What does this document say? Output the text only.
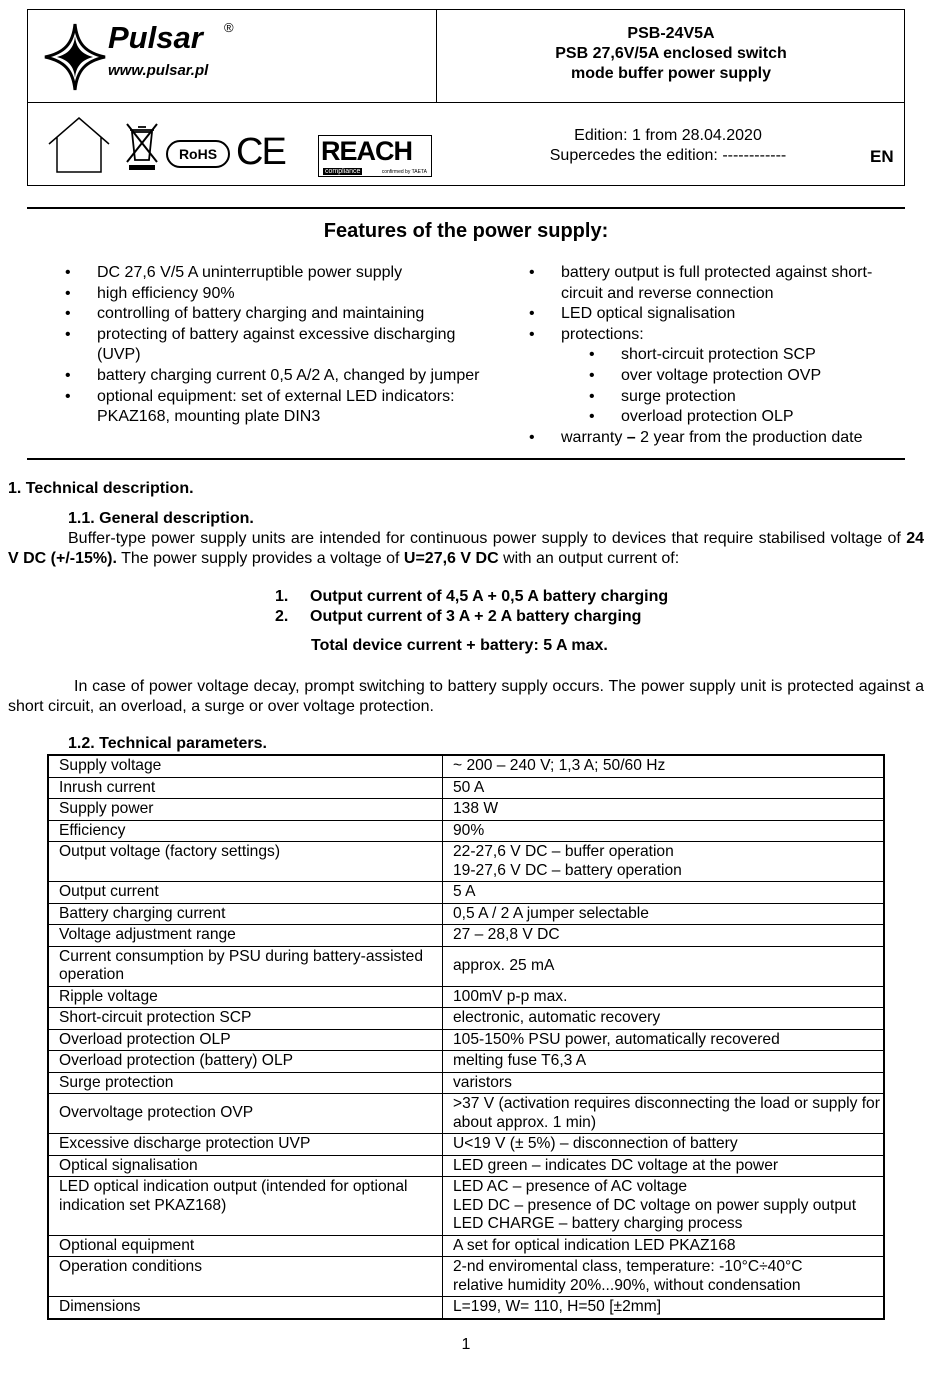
Pulsar ®
www.pulsar.pl
PSB-24V5A
PSB 27,6V/5A enclosed switch
mode buffer power supply
RoHS CE REACH
compliance	confirmed by TAETA
Edition: 1 from 28.04.2020
Supercedes the edition: ------------	EN
Features of the power supply:
• DC 27,6 V/5 A uninterruptible power supply
• high efficiency 90%
• controlling of battery charging and maintaining
• protecting of battery against excessive discharging (UVP)
• battery charging current 0,5 A/2 A, changed by jumper
• optional equipment: set of external LED indicators: PKAZ168, mounting plate DIN3
• battery output is full protected against short-circuit and reverse connection
• LED optical signalisation
• protections:
• short-circuit protection SCP
• over voltage protection OVP
• surge protection
• overload protection OLP
• warranty – 2 year from the production date
1. Technical description.
1.1. General description.
Buffer-type power supply units are intended for continuous power supply to devices that require stabilised voltage of 24 V DC (+/-15%). The power supply provides a voltage of U=27,6 V DC with an output current of:
1. Output current of 4,5 A + 0,5 A battery charging
2. Output current of 3 A + 2 A battery charging
Total device current + battery: 5 A max.
In case of power voltage decay, prompt switching to battery supply occurs. The power supply unit is protected against a short circuit, an overload, a surge or over voltage protection.
1.2. Technical parameters.
Supply voltage	~ 200 – 240 V; 1,3 A; 50/60 Hz
Inrush current	50 A
Supply power	138 W
Efficiency	90%
Output voltage (factory settings)	22-27,6 V DC – buffer operation
19-27,6 V DC – battery operation

Output current	5 A
Battery charging current	0,5 A / 2 A jumper selectable
Voltage adjustment range	27 – 28,8 V DC
Current consumption by PSU during battery-assisted operation	approx. 25 mA
Ripple voltage	100mV p-p max.
Short-circuit protection SCP	electronic, automatic recovery
Overload protection OLP	105-150% PSU power, automatically recovered
Overload protection (battery) OLP	melting fuse T6,3 A
Surge protection	varistors
Overvoltage protection OVP	>37 V (activation requires disconnecting the load or supply for about approx. 1 min)
Excessive discharge protection UVP	U<19 V (± 5%) – disconnection of battery
Optical signalisation	LED green – indicates DC voltage at the power
LED optical indication output (intended for optional indication set PKAZ168)	LED AC – presence of AC voltage
LED DC – presence of DC voltage on power supply output
LED CHARGE – battery charging process

Optional equipment	A set for optical indication LED PKAZ168
Operation conditions	2-nd enviromental class, temperature: -10°C÷40°C
relative humidity 20%...90%, without condensation

Dimensions	L=199, W= 110, H=50 [±2mm]
1
